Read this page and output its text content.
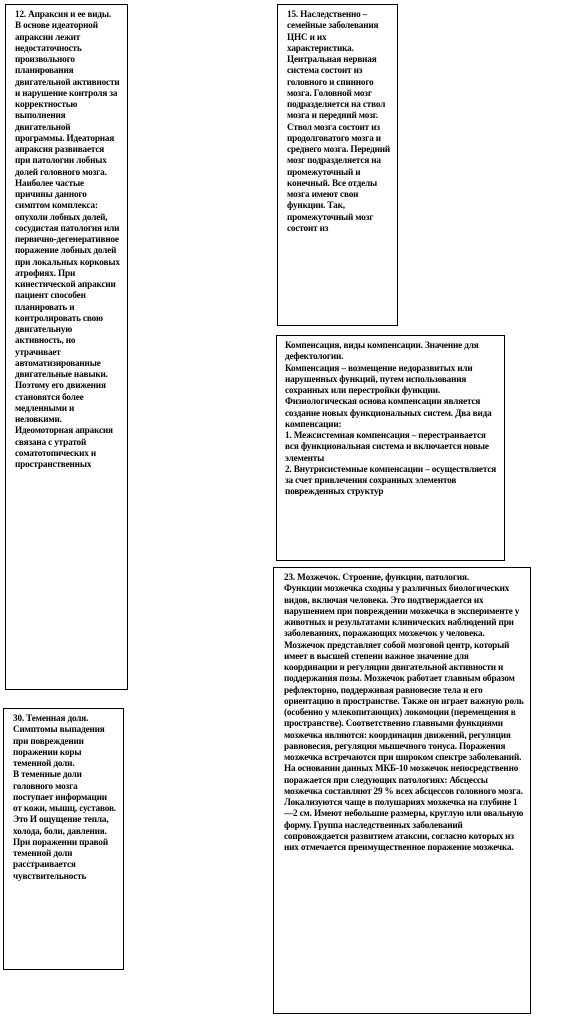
12. Апраксия и ее виды.
В основе идеаторной апраксии лежит недостаточность произвольного планирования двигательной активности и нарушение контроля за корректностью выполнения двигательной программы. Идеаторная апраксия развивается при патологии лобных долей головного мозга. Наиболее частые причины данного симптом комплекса: опухоли лобных долей, сосудистая патология или первично-дегенеративное поражение лобных долей при локальных корковых атрофиях. При кинестической апраксии пациент способен планировать и контролировать свою двигательную активность, но утрачивает автоматизированные двигательные навыки. Поэтому его движения становятся более медленными и неловкими. Идеомоторная апраксия связана с утратой соматотопических и пространственных

15. Наследственно – семейные заболевания ЦНС и их характеристика. Центральная нервная система состоит из головного и спинного мозга. Головной мозг подразделяется на ствол мозга и передний мозг. Ствол мозга состоит из продолговатого мозга и среднего мозга. Передний мозг подразделяется на промежуточный и конечный. Все отделы мозга имеют свои функции. Так, промежуточный мозг состоит из

Компенсация, виды компенсации. Значение для дефектологии.
Компенсация – возмещение недоразвитых или нарушенных функций, путем использования сохранных или перестройки функции. Физиологическая основа компенсации является создание новых функциональных систем. Два вида компенсации:
1. Межсистемная компенсация – перестраивается вся функциональная система и включается новые элементы
2. Внутрисистемные компенсации – осуществляется за счет привлечения сохранных элементов поврежденных структур

23. Мозжечок. Строение, функции, патология.
Функции мозжечка сходны у различных биологических видов, включая человека. Это подтверждается их нарушением при повреждении мозжечка в эксперименте у животных и результатами клинических наблюдений при заболеваниях, поражающих мозжечок у человека. Мозжечок представляет собой мозговой центр, который имеет в высшей степени важное значение для координации и регуляции двигательной активности и поддержания позы. Мозжечок работает главным образом рефлекторно, поддерживая равновесие тела и его ориентацию в пространстве. Также он играет важную роль (особенно у млекопитающих) локомоции (перемещения в пространстве). Соответственно главными функциями мозжечка являются: координация движений, регуляция равновесия, регуляция мышечного тонуса. Поражения мозжечка встречаются при широком спектре заболеваний. На основании данных МКБ-10 мозжечок непосредственно поражается при следующих патологиях: Абсцессы мозжечка составляют 29 % всех абсцессов головного мозга. Локализуются чаще в полушариях мозжечка на глубине 1—2 см. Имеют небольшие размеры, круглую или овальную форму. Группа наследственных заболеваний сопровождается развитием атаксии, согласно которых из них отмечается преимущественное поражение мозжечка.

30. Теменная доля. Симптомы выпадения при повреждении поражении коры теменной доли.
В теменные доли головного мозга поступает информации от кожи, мышц, суставов. Это И ощущение тепла, холода, боли, давления. При поражении правой теменной доли расстраивается чувствительность
